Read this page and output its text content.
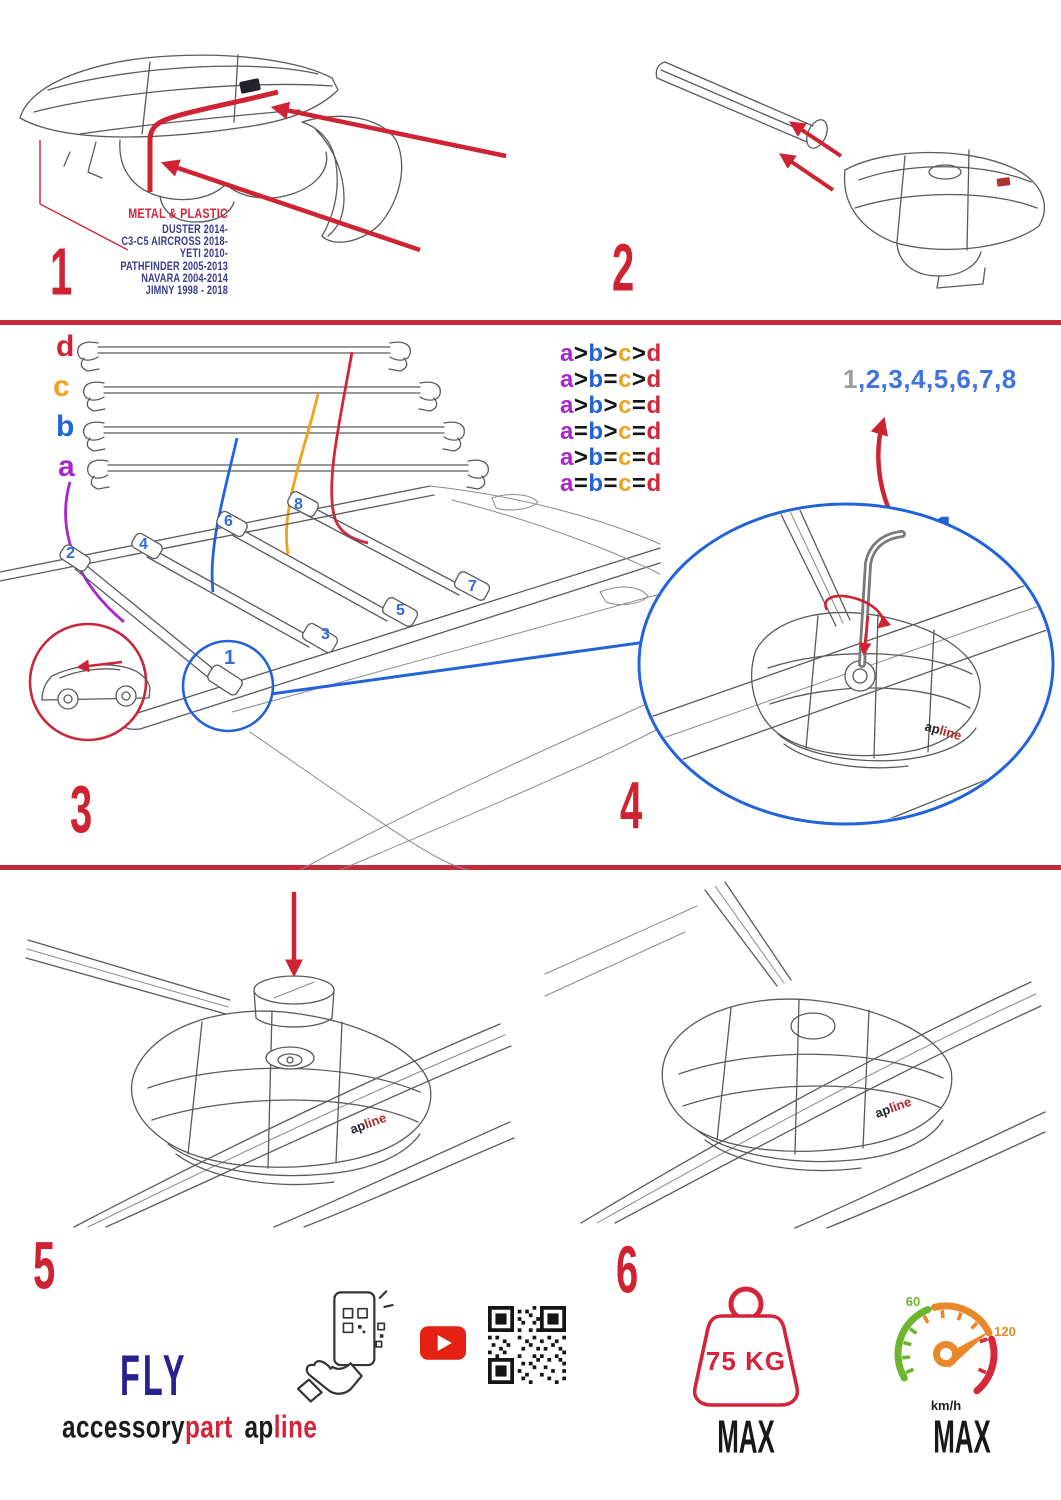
1	2
3	4
5	6
METAL & PLASTIC
DUSTER 2014-
C3-C5 AIRCROSS 2018-
YETI 2010-
PATHFINDER 2005-2013
NAVARA 2004-2014
JIMNY 1998 - 2018
d
c
b
a
1
2
3
4
5
6
7
8
a>b>c>d
a>b=c>d
a>b>c=d
a=b>c=d
a>b=c=d
a=b=c=d
1,2,3,4,5,6,7,8
apline
apline	apline
FLY
accessorypart apline
75 KG
MAX
60
120
km/h
MAX
